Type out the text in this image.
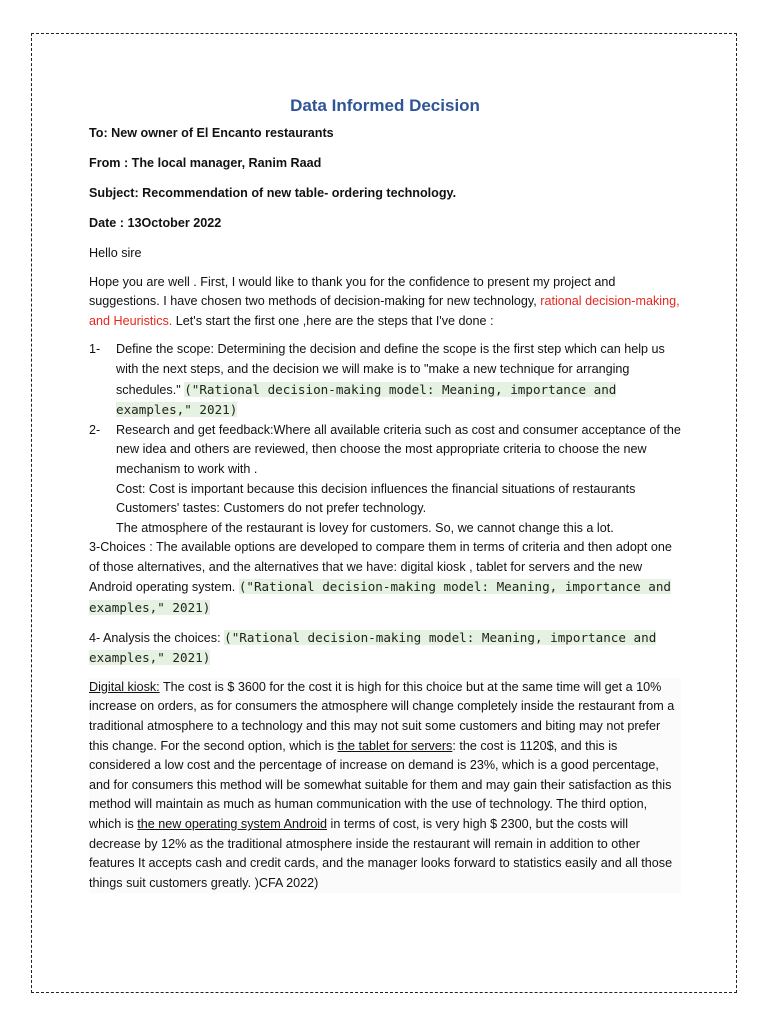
Data Informed Decision
To: New owner of El Encanto restaurants
From : The local manager, Ranim Raad
Subject: Recommendation of new table- ordering technology.
Date : 13October 2022
Hello sire
Hope you are well . First, I would like to thank you for the confidence to present my project and suggestions. I have chosen two methods of decision-making for new technology, rational decision-making, and Heuristics. Let's start the first one ,here are the steps that I've done :
1- Define the scope: Determining the decision and define the scope is the first step which can help us with the next steps, and the decision we will make is to "make a new technique for arranging schedules." ("Rational decision-making model: Meaning, importance and examples," 2021)
2- Research and get feedback:Where all available criteria such as cost and consumer acceptance of the new idea and others are reviewed, then choose the most appropriate criteria to choose the new mechanism to work with .
Cost: Cost is important because this decision influences the financial situations of restaurants
Customers' tastes: Customers do not prefer technology.
The atmosphere of the restaurant is lovey for customers. So, we cannot change this a lot.
3-Choices : The available options are developed to compare them in terms of criteria and then adopt one of those alternatives, and the alternatives that we have: digital kiosk , tablet for servers and the new Android operating system. ("Rational decision-making model: Meaning, importance and examples," 2021)
4- Analysis the choices: ("Rational decision-making model: Meaning, importance and examples," 2021)
Digital kiosk: The cost is $ 3600 for the cost it is high for this choice but at the same time will get a 10% increase on orders, as for consumers the atmosphere will change completely inside the restaurant from a traditional atmosphere to a technology and this may not suit some customers and biting may not prefer this change. For the second option, which is the tablet for servers: the cost is 1120$, and this is considered a low cost and the percentage of increase on demand is 23%, which is a good percentage, and for consumers this method will be somewhat suitable for them and may gain their satisfaction as this method will maintain as much as human communication with the use of technology. The third option, which is the new operating system Android in terms of cost, is very high $ 2300, but the costs will decrease by 12% as the traditional atmosphere inside the restaurant will remain in addition to other features It accepts cash and credit cards, and the manager looks forward to statistics easily and all those things suit customers greatly. )CFA 2022)
